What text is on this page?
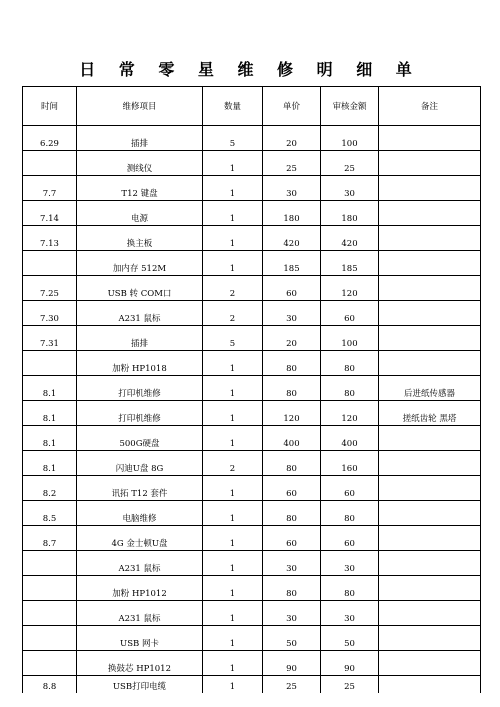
日 常 零 星 维 修 明 细 单
时间	维修项目	数量	单价	审核金额	备注
6.29	插排	5	20	100	
	测线仪	1	25	25	
7.7	T12 键盘	1	30	30	
7.14	电源	1	180	180	
7.13	换主板	1	420	420	
	加内存 512M	1	185	185	
7.25	USB 转 COM口	2	60	120	
7.30	A231 鼠标	2	30	60	
7.31	插排	5	20	100	
	加粉 HP1018	1	80	80	
8.1	打印机维修	1	80	80	后进纸传感器
8.1	打印机维修	1	120	120	搓纸齿轮 黑塔
8.1	500G硬盘	1	400	400	
8.1	闪迪U盘 8G	2	80	160	
8.2	讯拓 T12 套件	1	60	60	
8.5	电脑维修	1	80	80	
8.7	4G 金士顿U盘	1	60	60	
	A231 鼠标	1	30	30	
	加粉 HP1012	1	80	80	
	A231 鼠标	1	30	30	
	USB 网卡	1	50	50	
	换鼓芯 HP1012	1	90	90	
8.8	USB打印电缆	1	25	25	
